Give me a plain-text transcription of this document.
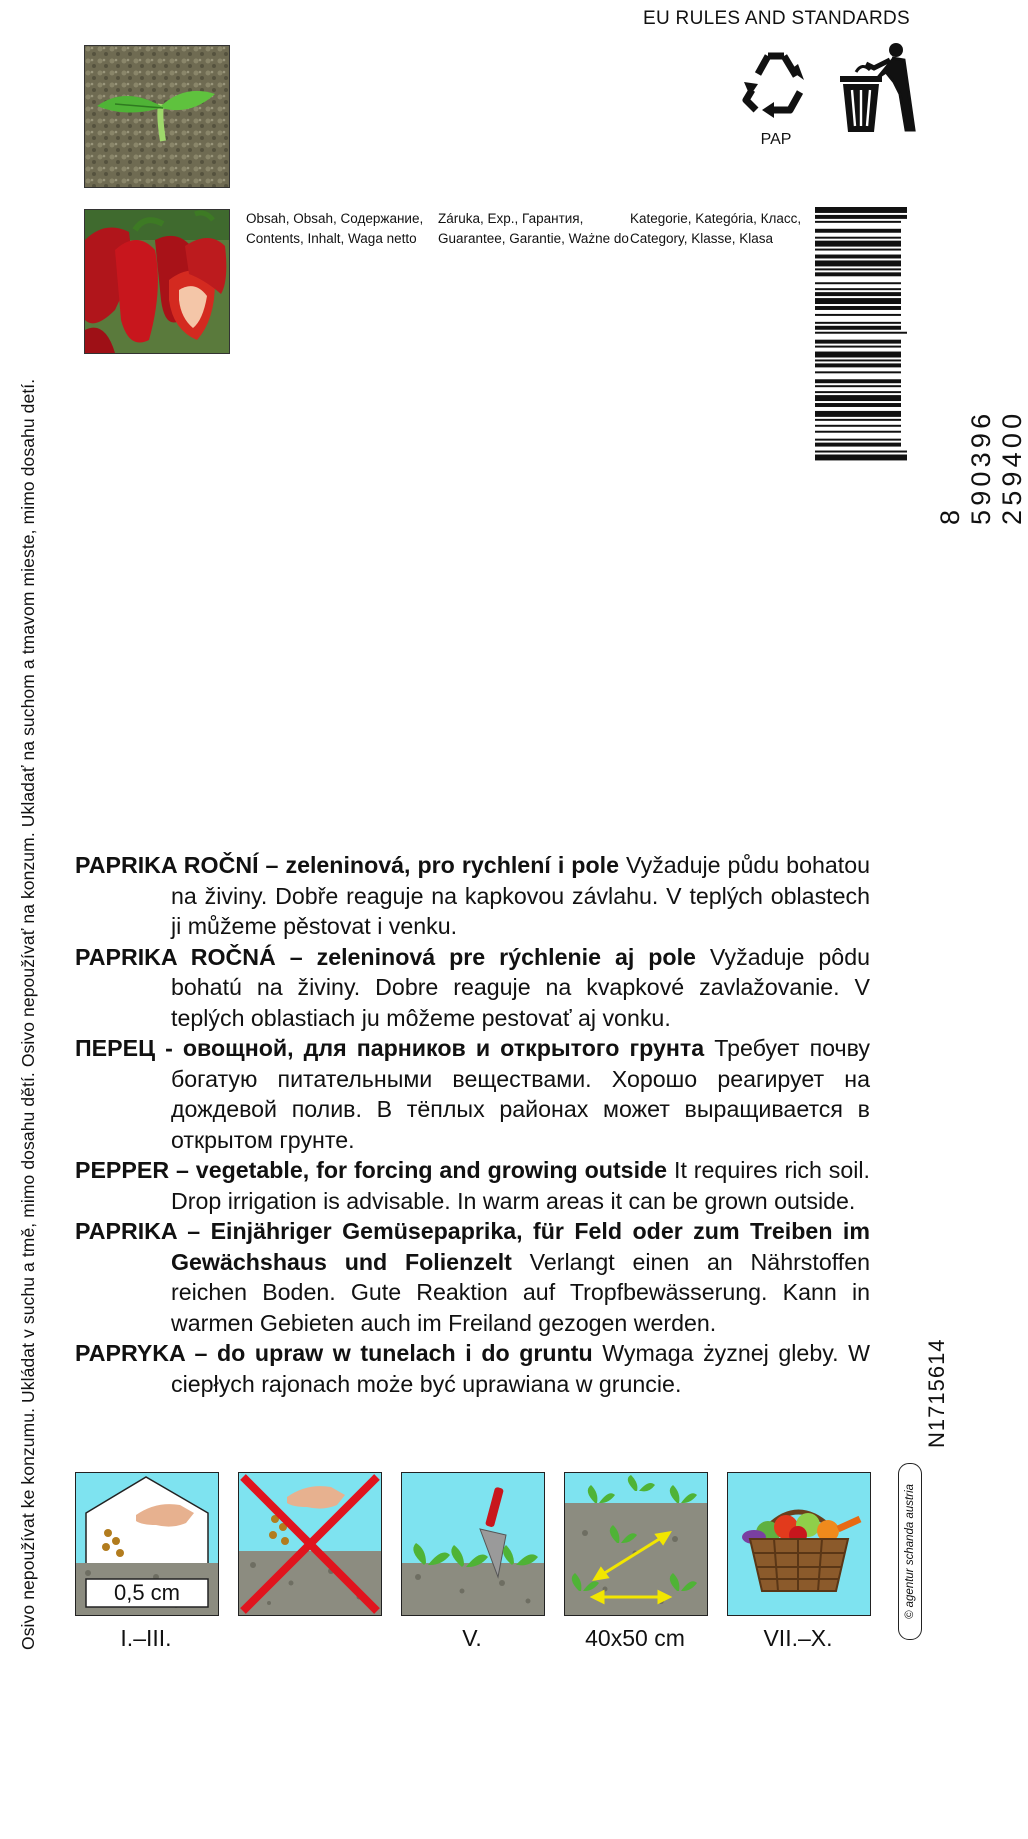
Osivo nepoužívat ke konzumu. Ukládat v suchu a tmě, mimo dosahu dětí. Osivo nepoužívať na konzum. Ukladať na suchom a tmavom mieste, mimo dosahu detí.
EU RULES AND STANDARDS
PAP
Obsah, Obsah, Содержание,
Contents, Inhalt, Waga netto
Záruka, Exp., Гарантия,
Guarantee, Garantie, Ważne do
Kategorie, Kategória, Класс,
Category, Klasse, Klasa
8 590396 259400
PAPRIKA ROČNÍ – zeleninová, pro rychlení i pole Vyžaduje půdu bohatou na živiny. Dobře reaguje na kapkovou závlahu. V teplých oblastech ji můžeme pěstovat i venku.
PAPRIKA ROČNÁ – zeleninová pre rýchlenie aj pole Vyžaduje pôdu bohatú na živiny. Dobre reaguje na kvapkové zavlažovanie. V teplých oblastiach ju môžeme pestovať aj vonku.
ПЕРЕЦ - овощной, для парников и открытого грунта Требует почву богатую питательными веществами. Хорошо реагирует на дождевой полив. В тёплых районах может выращивается в открытом грунте.
PEPPER – vegetable, for forcing and growing outside It requires rich soil. Drop irrigation is advisable. In warm areas it can be grown outside.
PAPRIKA – Einjähriger Gemüsepaprika, für Feld oder zum Treiben im Gewächshaus und Folienzelt Verlangt einen an Nährstoffen reichen Boden. Gute Reaktion auf Tropfbewässerung. Kann in warmen Gebieten auch im Freiland gezogen werden.
PAPRYKA – do upraw w tunelach i do gruntu Wymaga żyznej gleby. W ciepłych rajonach może być uprawiana w gruncie.
0,5 cm
I.–III.	V.	40x50 cm	VII.–X.
N1715614
© agentur schanda austria
